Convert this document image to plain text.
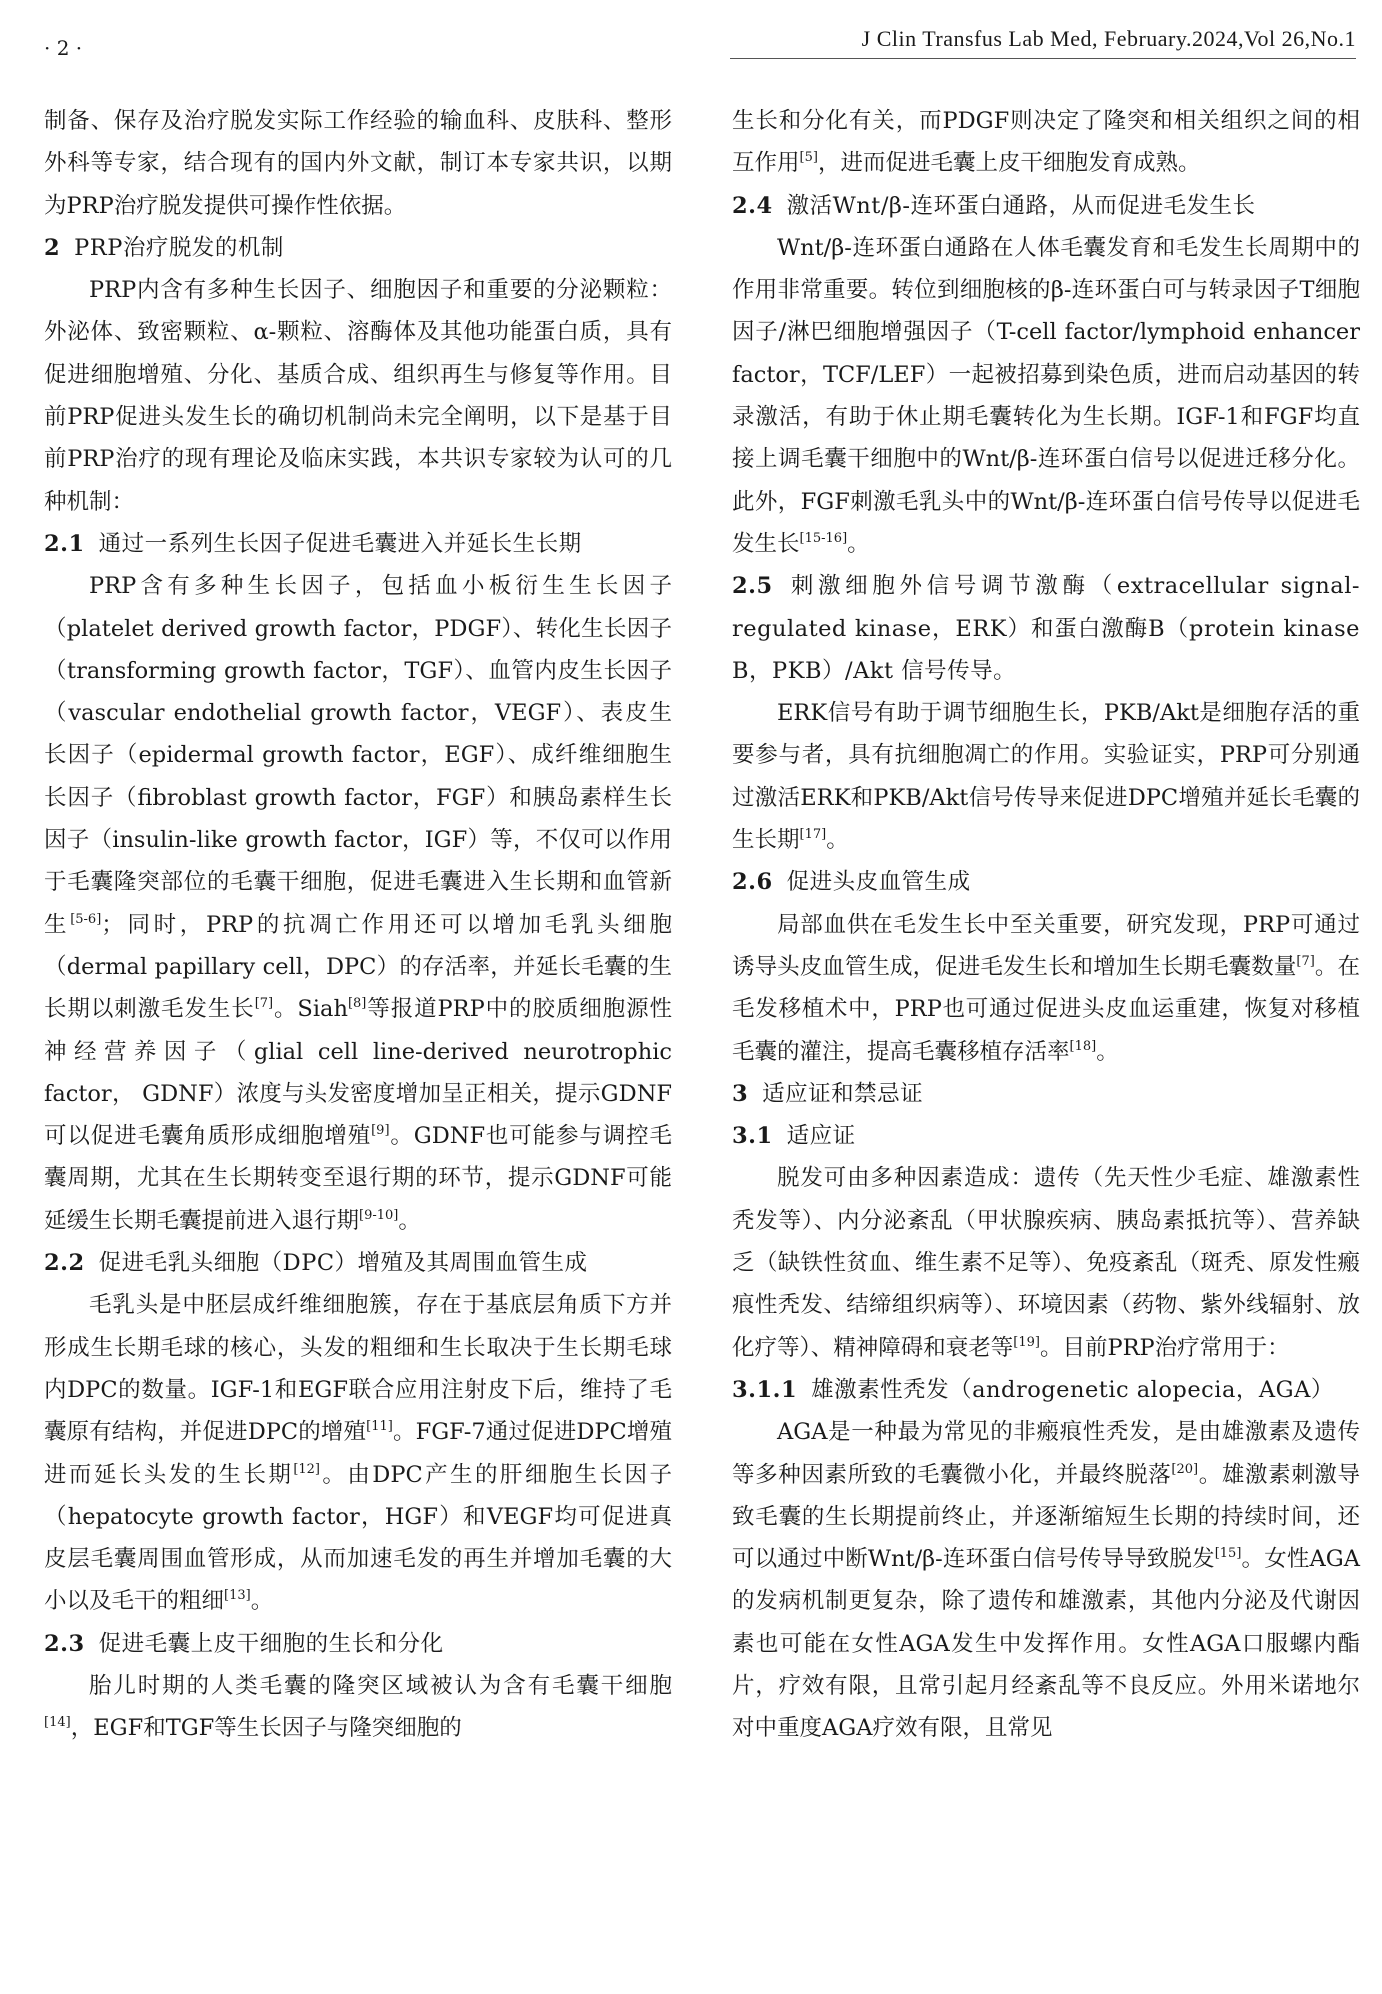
· 2 ·	J Clin Transfus Lab Med, February.2024,Vol 26,No.1

制备、保存及治疗脱发实际工作经验的输血科、皮肤科、整形外科等专家，结合现有的国内外文献，制订本专家共识，以期为PRP治疗脱发提供可操作性依据。

2 PRP治疗脱发的机制

PRP内含有多种生长因子、细胞因子和重要的分泌颗粒：外泌体、致密颗粒、α-颗粒、溶酶体及其他功能蛋白质，具有促进细胞增殖、分化、基质合成、组织再生与修复等作用。目前PRP促进头发生长的确切机制尚未完全阐明，以下是基于目前PRP治疗的现有理论及临床实践，本共识专家较为认可的几种机制：

2.1 通过一系列生长因子促进毛囊进入并延长生长期

PRP含有多种生长因子，包括血小板衍生生长因子（platelet derived growth factor，PDGF）、转化生长因子（transforming growth factor，TGF）、血管内皮生长因子（vascular endothelial growth factor，VEGF）、表皮生长因子（epidermal growth factor，EGF）、成纤维细胞生长因子（fibroblast growth factor，FGF）和胰岛素样生长因子（insulin-like growth factor，IGF）等，不仅可以作用于毛囊隆突部位的毛囊干细胞，促进毛囊进入生长期和血管新生[5-6]；同时，PRP的抗凋亡作用还可以增加毛乳头细胞（dermal papillary cell，DPC）的存活率，并延长毛囊的生长期以刺激毛发生长[7]。Siah[8]等报道PRP中的胶质细胞源性神经营养因子（glial cell line-derived neurotrophic factor， GDNF）浓度与头发密度增加呈正相关，提示GDNF可以促进毛囊角质形成细胞增殖[9]。GDNF也可能参与调控毛囊周期，尤其在生长期转变至退行期的环节，提示GDNF可能延缓生长期毛囊提前进入退行期[9-10]。

2.2 促进毛乳头细胞（DPC）增殖及其周围血管生成

毛乳头是中胚层成纤维细胞簇，存在于基底层角质下方并形成生长期毛球的核心，头发的粗细和生长取决于生长期毛球内DPC的数量。IGF-1和EGF联合应用注射皮下后，维持了毛囊原有结构，并促进DPC的增殖[11]。FGF-7通过促进DPC增殖进而延长头发的生长期[12]。由DPC产生的肝细胞生长因子（hepatocyte growth factor，HGF）和VEGF均可促进真皮层毛囊周围血管形成，从而加速毛发的再生并增加毛囊的大小以及毛干的粗细[13]。

2.3 促进毛囊上皮干细胞的生长和分化

胎儿时期的人类毛囊的隆突区域被认为含有毛囊干细胞[14]，EGF和TGF等生长因子与隆突细胞的

生长和分化有关，而PDGF则决定了隆突和相关组织之间的相互作用[5]，进而促进毛囊上皮干细胞发育成熟。

2.4 激活Wnt/β-连环蛋白通路，从而促进毛发生长

Wnt/β-连环蛋白通路在人体毛囊发育和毛发生长周期中的作用非常重要。转位到细胞核的β-连环蛋白可与转录因子T细胞因子/淋巴细胞增强因子（T-cell factor/lymphoid enhancer factor，TCF/LEF）一起被招募到染色质，进而启动基因的转录激活，有助于休止期毛囊转化为生长期。IGF-1和FGF均直接上调毛囊干细胞中的Wnt/β-连环蛋白信号以促进迁移分化。此外，FGF刺激毛乳头中的Wnt/β-连环蛋白信号传导以促进毛发生长[15-16]。

2.5 刺激细胞外信号调节激酶（extracellular signal-regulated kinase，ERK）和蛋白激酶B（protein kinase B，PKB）/Akt 信号传导。

ERK信号有助于调节细胞生长，PKB/Akt是细胞存活的重要参与者，具有抗细胞凋亡的作用。实验证实，PRP可分别通过激活ERK和PKB/Akt信号传导来促进DPC增殖并延长毛囊的生长期[17]。

2.6 促进头皮血管生成

局部血供在毛发生长中至关重要，研究发现，PRP可通过诱导头皮血管生成，促进毛发生长和增加生长期毛囊数量[7]。在毛发移植术中，PRP也可通过促进头皮血运重建，恢复对移植毛囊的灌注，提高毛囊移植存活率[18]。

3 适应证和禁忌证
3.1 适应证

脱发可由多种因素造成：遗传（先天性少毛症、雄激素性秃发等）、内分泌紊乱（甲状腺疾病、胰岛素抵抗等）、营养缺乏（缺铁性贫血、维生素不足等）、免疫紊乱（斑秃、原发性瘢痕性秃发、结缔组织病等）、环境因素（药物、紫外线辐射、放化疗等）、精神障碍和衰老等[19]。目前PRP治疗常用于：

3.1.1 雄激素性秃发（androgenetic alopecia，AGA）

AGA是一种最为常见的非瘢痕性秃发，是由雄激素及遗传等多种因素所致的毛囊微小化，并最终脱落[20]。雄激素刺激导致毛囊的生长期提前终止，并逐渐缩短生长期的持续时间，还可以通过中断Wnt/β-连环蛋白信号传导导致脱发[15]。女性AGA的发病机制更复杂，除了遗传和雄激素，其他内分泌及代谢因素也可能在女性AGA发生中发挥作用。女性AGA口服螺内酯片，疗效有限，且常引起月经紊乱等不良反应。外用米诺地尔对中重度AGA疗效有限，且常见
